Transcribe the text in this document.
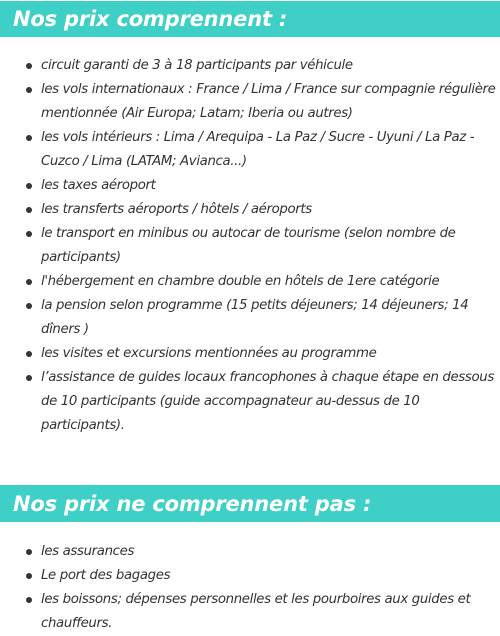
Nos prix comprennent :
circuit garanti de 3 à 18 participants par véhicule
les vols internationaux : France / Lima / France sur compagnie régulière mentionnée (Air Europa; Latam; Iberia ou autres)
les vols intérieurs : Lima / Arequipa - La Paz / Sucre - Uyuni / La Paz - Cuzco / Lima (LATAM; Avianca...)
les taxes aéroport
les transferts aéroports / hôtels / aéroports
le transport en minibus ou autocar de tourisme (selon nombre de participants)
l'hébergement en chambre double en hôtels de 1ere catégorie
la pension selon programme (15 petits déjeuners; 14 déjeuners; 14 dîners )
les visites et excursions mentionnées au programme
l’assistance de guides locaux francophones à chaque étape en dessous de 10 participants (guide accompagnateur au-dessus de 10 participants).
Nos prix ne comprennent pas :
les assurances
Le port des bagages
les boissons; dépenses personnelles et les pourboires aux guides et chauffeurs.
